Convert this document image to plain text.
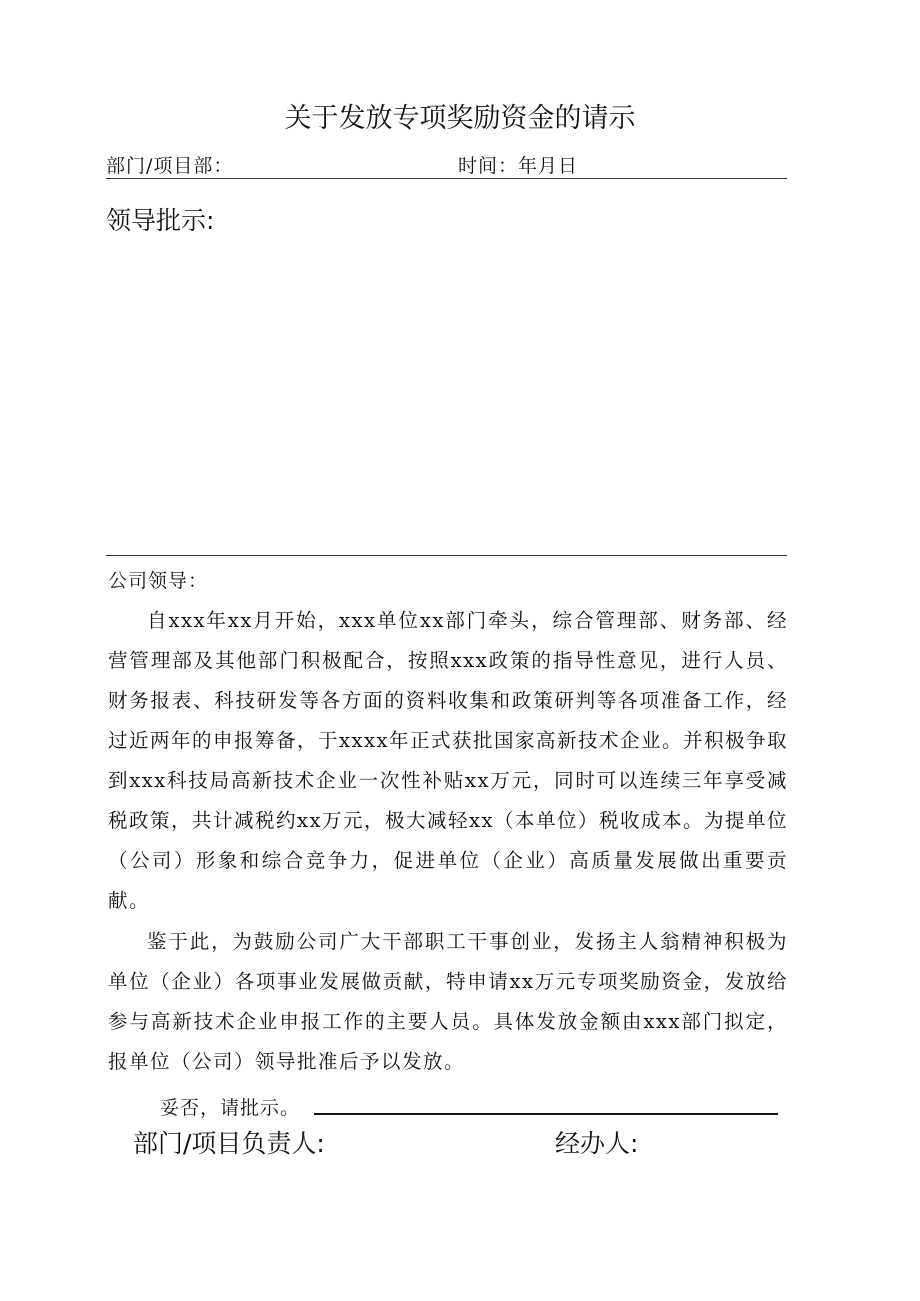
关于发放专项奖励资金的请示
部门/项目部：	时间：年月日
领导批示:
公司领导：
自xxx年xx月开始，xxx单位xx部门牵头，综合管理部、财务部、经营管理部及其他部门积极配合，按照xxx政策的指导性意见，进行人员、财务报表、科技研发等各方面的资料收集和政策研判等各项准备工作，经过近两年的申报筹备，于xxxx年正式获批国家高新技术企业。并积极争取到xxx科技局高新技术企业一次性补贴xx万元，同时可以连续三年享受减税政策，共计减税约xx万元，极大减轻xx（本单位）税收成本。为提单位（公司）形象和综合竞争力，促进单位（企业）高质量发展做出重要贡献。
鉴于此，为鼓励公司广大干部职工干事创业，发扬主人翁精神积极为单位（企业）各项事业发展做贡献，特申请xx万元专项奖励资金，发放给参与高新技术企业申报工作的主要人员。具体发放金额由xxx部门拟定，报单位（公司）领导批准后予以发放。
妥否，请批示。
部门/项目负责人:	经办人:
